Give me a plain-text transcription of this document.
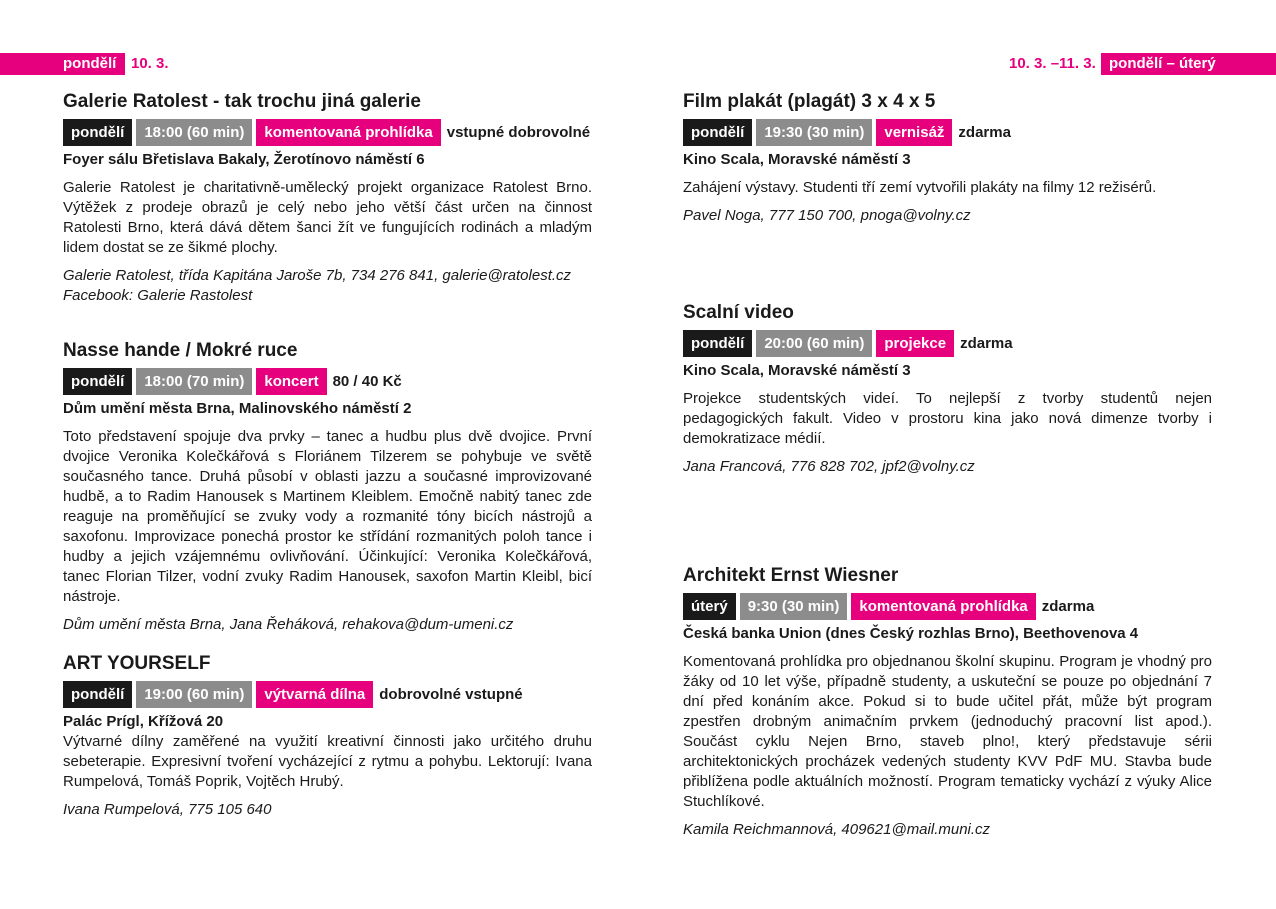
pondělí 10. 3.	10. 3. –11. 3. pondělí – úterý
Galerie Ratolest - tak trochu jiná galerie
pondělí	18:00 (60 min)	komentovaná prohlídka vstupné dobrovolné
Foyer sálu Břetislava Bakaly, Žerotínovo náměstí 6
Galerie Ratolest je charitativně-umělecký projekt organizace Ratolest Brno. Výtěžek z prodeje obrazů je celý nebo jeho větší část určen na činnost Ratolesti Brno, která dává dětem šanci žít ve fungujících rodinách a mladým lidem dostat se ze šikmé plochy.
Galerie Ratolest, třída Kapitána Jaroše 7b, 734 276 841, galerie@ratolest.cz
Facebook: Galerie Rastolest
Nasse hande / Mokré ruce
pondělí	18:00 (70 min)	koncert 80 / 40 Kč
Dům umění města Brna, Malinovského náměstí 2
Toto představení spojuje dva prvky – tanec a hudbu plus dvě dvojice. První dvojice Veronika Kolečkářová s Floriánem Tilzerem se pohybuje ve světě současného tance. Druhá působí v oblasti jazzu a současné improvizované hudbě, a to Radim Hanousek s Martinem Kleiblem. Emočně nabitý tanec zde reaguje na proměňující se zvuky vody a rozmanité tóny bicích nástrojů a saxofonu. Improvizace ponechá prostor ke střídání rozmanitých poloh tance i hudby a jejich vzájemnému ovlivňování. Účinkující: Veronika Kolečkářová, tanec Florian Tilzer, vodní zvuky Radim Hanousek, saxofon Martin Kleibl, bicí nástroje.
Dům umění města Brna, Jana Řeháková, rehakova@dum-umeni.cz
ART YOURSELF
pondělí	19:00 (60 min)	výtvarná dílna dobrovolné vstupné
Palác Prígl, Křížová 20
Výtvarné dílny zaměřené na využití kreativní činnosti jako určitého druhu sebeterapie. Expresivní tvoření vycházející z rytmu a pohybu. Lektorují: Ivana Rumpelová, Tomáš Poprik, Vojtěch Hrubý.
Ivana Rumpelová, 775 105 640
Film plakát (plagát) 3 x 4 x 5
pondělí	19:30 (30 min)	vernisáž zdarma
Kino Scala, Moravské náměstí 3
Zahájení výstavy. Studenti tří zemí vytvořili plakáty na filmy 12 režisérů.
Pavel Noga, 777 150 700, pnoga@volny.cz
Scalní video
pondělí	20:00 (60 min)	projekce zdarma
Kino Scala, Moravské náměstí 3
Projekce studentských videí. To nejlepší z tvorby studentů nejen pedagogických fakult. Video v prostoru kina jako nová dimenze tvorby i demokratizace médií.
Jana Francová, 776 828 702, jpf2@volny.cz
Architekt Ernst Wiesner
úterý	9:30 (30 min)	komentovaná prohlídka zdarma
Česká banka Union (dnes Český rozhlas Brno), Beethovenova 4
Komentovaná prohlídka pro objednanou školní skupinu. Program je vhodný pro žáky od 10 let výše, případně studenty, a uskuteční se pouze po objednání 7 dní před konáním akce. Pokud si to bude učitel přát, může být program zpestřen drobným animačním prvkem (jednoduchý pracovní list apod.). Součást cyklu Nejen Brno, staveb plno!, který představuje sérii architektonických procházek vedených studenty KVV PdF MU. Stavba bude přiblížena podle aktuálních možností. Program tematicky vychází z výuky Alice Stuchlíkové.
Kamila Reichmannová, 409621@mail.muni.cz
